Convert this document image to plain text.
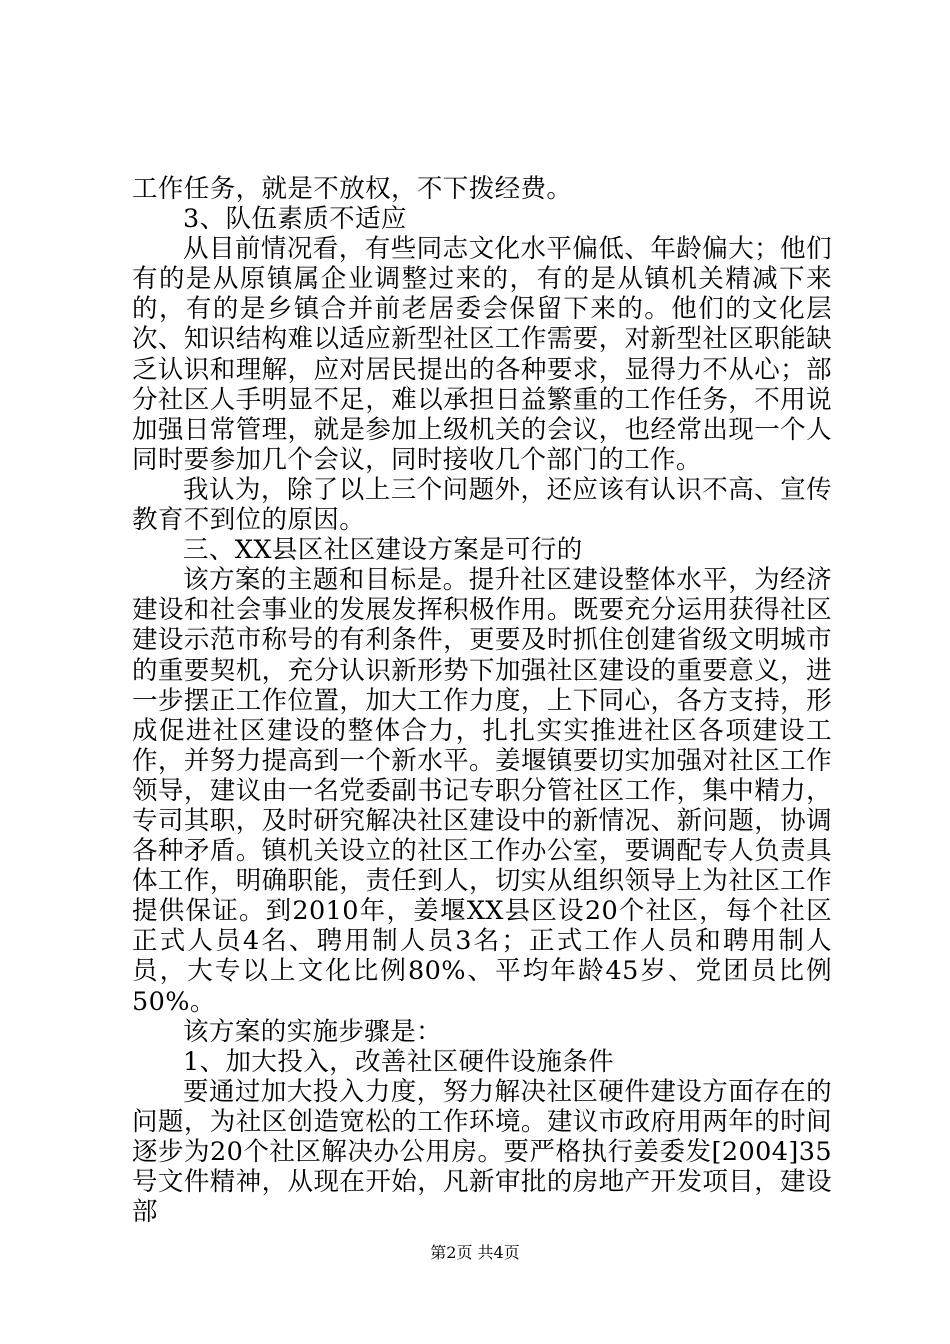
工作任务，就是不放权，不下拨经费。

3、队伍素质不适应

从目前情况看，有些同志文化水平偏低、年龄偏大；他们有的是从原镇属企业调整过来的，有的是从镇机关精减下来的，有的是乡镇合并前老居委会保留下来的。他们的文化层次、知识结构难以适应新型社区工作需要，对新型社区职能缺乏认识和理解，应对居民提出的各种要求，显得力不从心；部分社区人手明显不足，难以承担日益繁重的工作任务，不用说加强日常管理，就是参加上级机关的会议，也经常出现一个人同时要参加几个会议，同时接收几个部门的工作。

我认为，除了以上三个问题外，还应该有认识不高、宣传教育不到位的原因。

三、XX县区社区建设方案是可行的

该方案的主题和目标是。提升社区建设整体水平，为经济建设和社会事业的发展发挥积极作用。既要充分运用获得社区建设示范市称号的有利条件，更要及时抓住创建省级文明城市的重要契机，充分认识新形势下加强社区建设的重要意义，进一步摆正工作位置，加大工作力度，上下同心，各方支持，形成促进社区建设的整体合力，扎扎实实推进社区各项建设工作，并努力提高到一个新水平。姜堰镇要切实加强对社区工作领导，建议由一名党委副书记专职分管社区工作，集中精力，专司其职，及时研究解决社区建设中的新情况、新问题，协调各种矛盾。镇机关设立的社区工作办公室，要调配专人负责具体工作，明确职能，责任到人，切实从组织领导上为社区工作提供保证。到2010年，姜堰XX县区设20个社区，每个社区正式人员4名、聘用制人员3名；正式工作人员和聘用制人员，大专以上文化比例80%、平均年龄45岁、党团员比例50%。

该方案的实施步骤是：

1、加大投入，改善社区硬件设施条件

要通过加大投入力度，努力解决社区硬件建设方面存在的问题，为社区创造宽松的工作环境。建议市政府用两年的时间逐步为20个社区解决办公用房。要严格执行姜委发[2004]35号文件精神，从现在开始，凡新审批的房地产开发项目，建设部

第2页 共4页
